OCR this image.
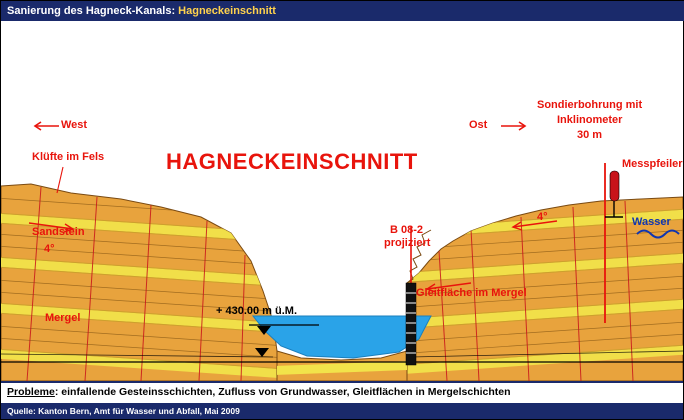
Sanierung des Hagneck-Kanals: Hagneckeinschnitt
West	Ost
Klüfte im Fels	HAGNECKEINSCHNITT
Sandstein
4°
4°
Mergel
+ 430.00 m ü.M.
B 08-2
projiziert
Gleitfläche im Mergel
Sondierbohrung mit
Inklinometer
30 m
Messpfeiler
Wasser
Probleme: einfallende Gesteinsschichten, Zufluss von Grundwasser, Gleitflächen in Mergelschichten
Quelle: Kanton Bern, Amt für Wasser und Abfall, Mai 2009
